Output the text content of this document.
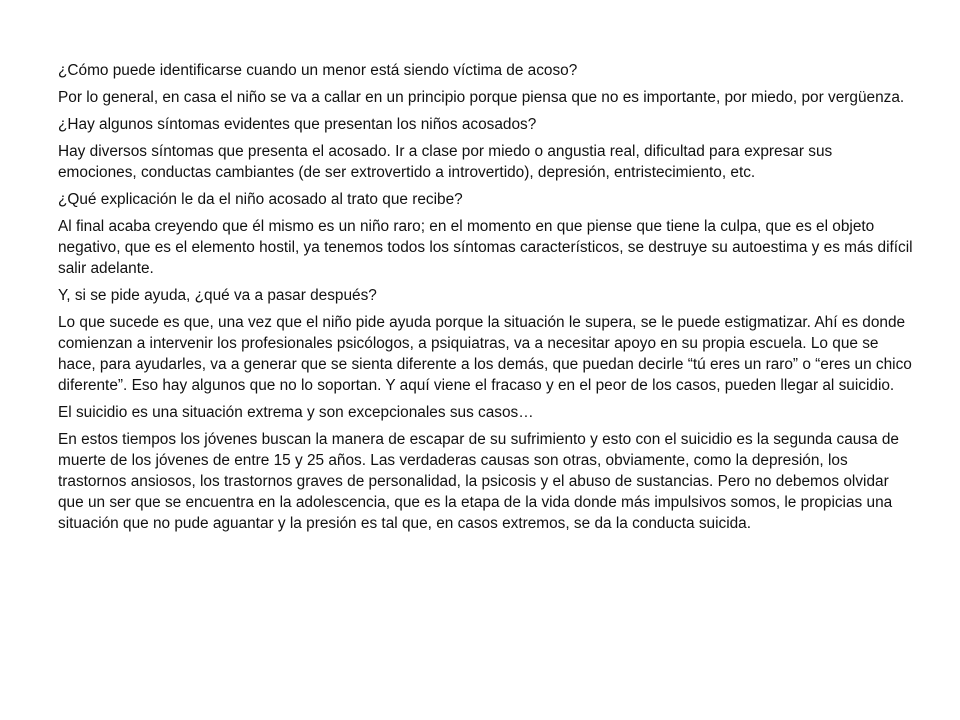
¿Cómo puede identificarse cuando un menor está siendo víctima de acoso?

Por lo general, en casa el niño se va a callar en un principio porque piensa que no es importante, por miedo, por vergüenza.

¿Hay algunos síntomas evidentes que presentan los niños acosados?

Hay diversos síntomas que presenta el acosado. Ir a clase por miedo o angustia real, dificultad para expresar sus emociones, conductas cambiantes (de ser extrovertido a introvertido), depresión, entristecimiento, etc.

¿Qué explicación le da el niño acosado al trato que recibe?

Al final acaba creyendo que él mismo es un niño raro; en el momento en que piense que tiene la culpa, que es el objeto negativo, que es el elemento hostil, ya tenemos todos los síntomas característicos, se destruye su autoestima y es más difícil salir adelante.

Y, si se pide ayuda, ¿qué va a pasar después?

Lo que sucede es que, una vez que el niño pide ayuda porque la situación le supera, se le puede estigmatizar. Ahí es donde comienzan a intervenir los profesionales psicólogos, a psiquiatras, va a necesitar apoyo en su propia escuela. Lo que se hace, para ayudarles, va a generar que se sienta diferente a los demás, que puedan decirle “tú eres un raro” o “eres un chico diferente”. Eso hay algunos que no lo soportan. Y aquí viene el fracaso y en el peor de los casos, pueden llegar al suicidio.

El suicidio es una situación extrema y son excepcionales sus casos…

En estos tiempos los jóvenes buscan la manera de escapar de su sufrimiento y esto con el suicidio es la segunda causa de muerte de los jóvenes de entre 15 y 25 años. Las verdaderas causas son otras, obviamente, como la depresión, los trastornos ansiosos, los trastornos graves de personalidad, la psicosis y el abuso de sustancias. Pero no debemos olvidar que un ser que se encuentra en la adolescencia, que es la etapa de la vida donde más impulsivos somos, le propicias una situación que no pude aguantar y la presión es tal que, en casos extremos, se da la conducta suicida.
